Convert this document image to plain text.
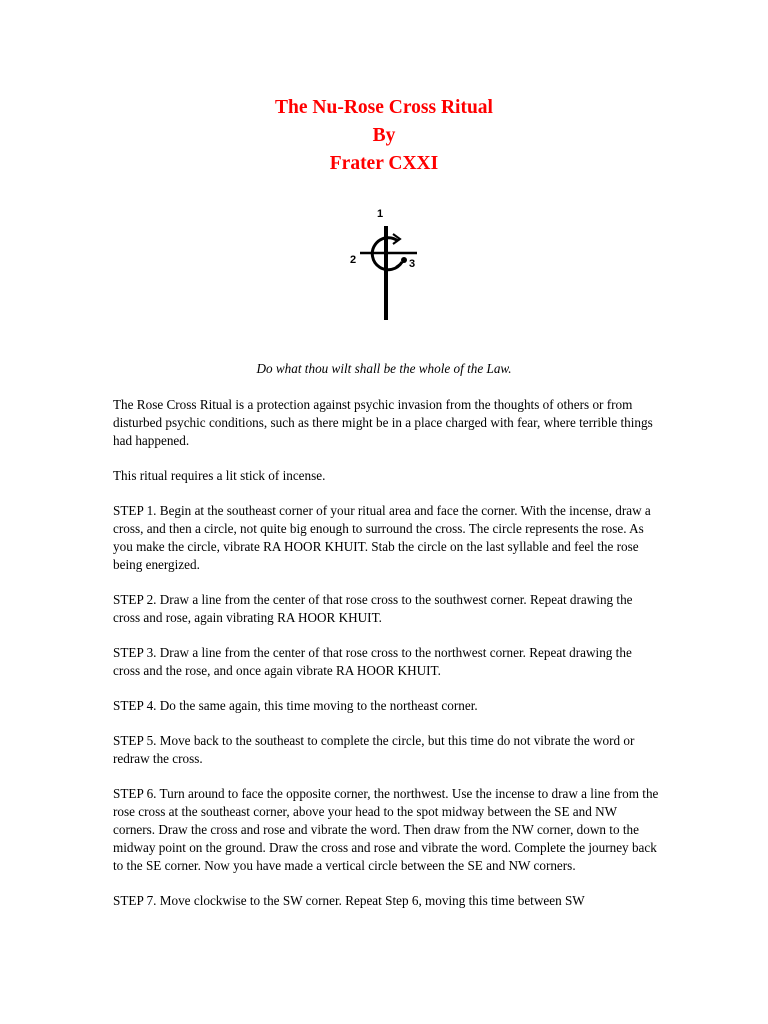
The Nu-Rose Cross Ritual
By
Frater CXXI
1
2	3
Do what thou wilt shall be the whole of the Law.

The Rose Cross Ritual is a protection against psychic invasion from the thoughts of others or from disturbed psychic conditions, such as there might be in a place charged with fear, where terrible things had happened.

This ritual requires a lit stick of incense.

STEP 1. Begin at the southeast corner of your ritual area and face the corner. With the incense, draw a cross, and then a circle, not quite big enough to surround the cross. The circle represents the rose. As you make the circle, vibrate RA HOOR KHUIT. Stab the circle on the last syllable and feel the rose being energized.

STEP 2. Draw a line from the center of that rose cross to the southwest corner. Repeat drawing the cross and rose, again vibrating RA HOOR KHUIT.

STEP 3. Draw a line from the center of that rose cross to the northwest corner. Repeat drawing the cross and the rose, and once again vibrate RA HOOR KHUIT.

STEP 4. Do the same again, this time moving to the northeast corner.

STEP 5. Move back to the southeast to complete the circle, but this time do not vibrate the word or redraw the cross.

STEP 6. Turn around to face the opposite corner, the northwest. Use the incense to draw a line from the rose cross at the southeast corner, above your head to the spot midway between the SE and NW corners. Draw the cross and rose and vibrate the word. Then draw from the NW corner, down to the midway point on the ground. Draw the cross and rose and vibrate the word. Complete the journey back to the SE corner. Now you have made a vertical circle between the SE and NW corners.

STEP 7. Move clockwise to the SW corner. Repeat Step 6, moving this time between SW
